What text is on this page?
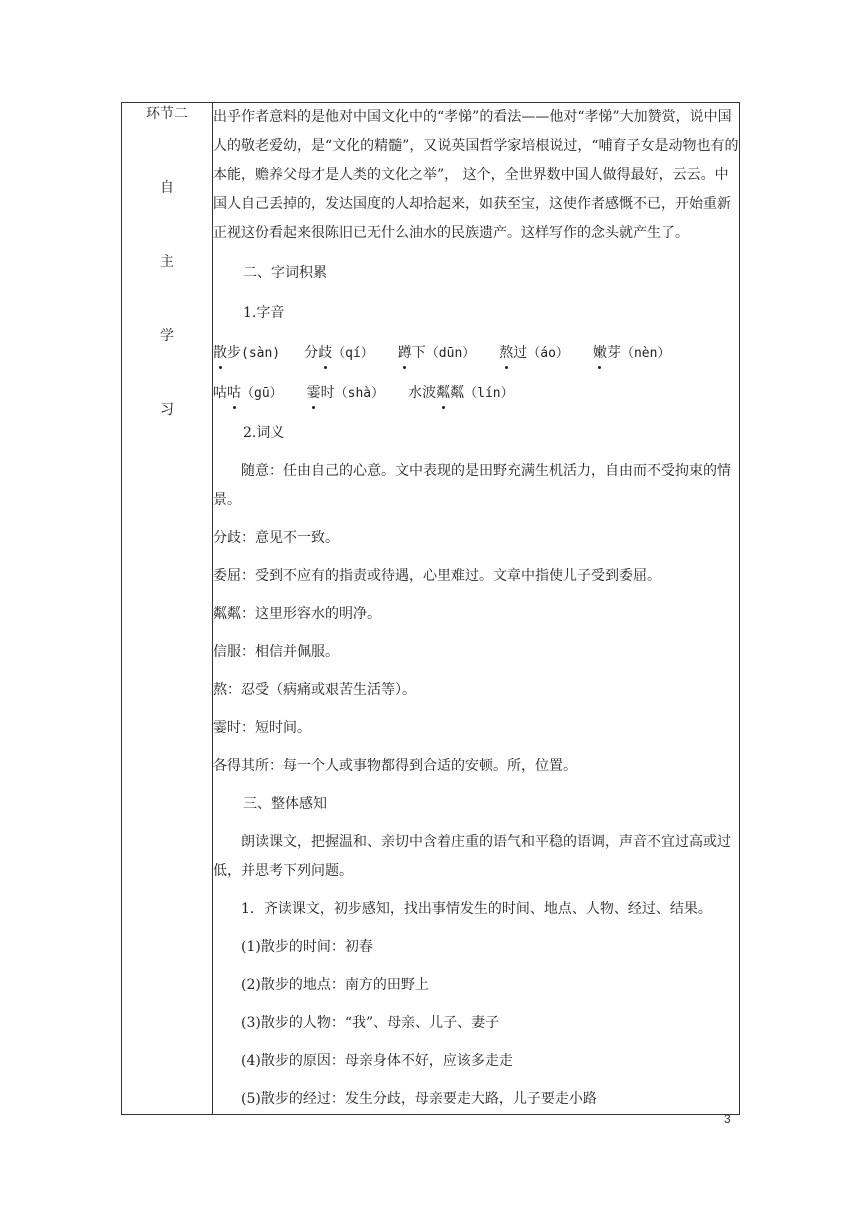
环节二
自
主
学
习

出乎作者意料的是他对中国文化中的“孝悌”的看法——他对“孝悌”大加赞赏，说中国人的敬老爱幼，是“文化的精髓”，又说英国哲学家培根说过，“哺育子女是动物也有的本能，赡养父母才是人类的文化之举”， 这个，全世界数中国人做得最好，云云。中国人自己丢掉的，发达国度的人却拾起来，如获至宝，这使作者感慨不已，开始重新正视这份看起来很陈旧已无什么油水的民族遗产。这样写作的念头就产生了。

二、字词积累

1.字音

散步(sàn) 分歧（qí） 蹲下（dūn） 熬过（áo） 嫩芽（nèn）
咕咕（gū） 霎时（shà） 水波粼粼（lín）

2.词义

随意：任由自己的心意。文中表现的是田野充满生机活力，自由而不受拘束的情景。

分歧：意见不一致。

委屈：受到不应有的指责或待遇，心里难过。文章中指使儿子受到委屈。

粼粼：这里形容水的明净。

信服：相信并佩服。

熬：忍受（病痛或艰苦生活等）。

霎时：短时间。

各得其所：每一个人或事物都得到合适的安顿。所，位置。

三、整体感知

朗读课文，把握温和、亲切中含着庄重的语气和平稳的语调，声音不宜过高或过低，并思考下列问题。

1．齐读课文，初步感知，找出事情发生的时间、地点、人物、经过、结果。

(1)散步的时间：初春

(2)散步的地点：南方的田野上

(3)散步的人物：“我”、母亲、儿子、妻子

(4)散步的原因：母亲身体不好，应该多走走

(5)散步的经过：发生分歧，母亲要走大路，儿子要走小路

3
